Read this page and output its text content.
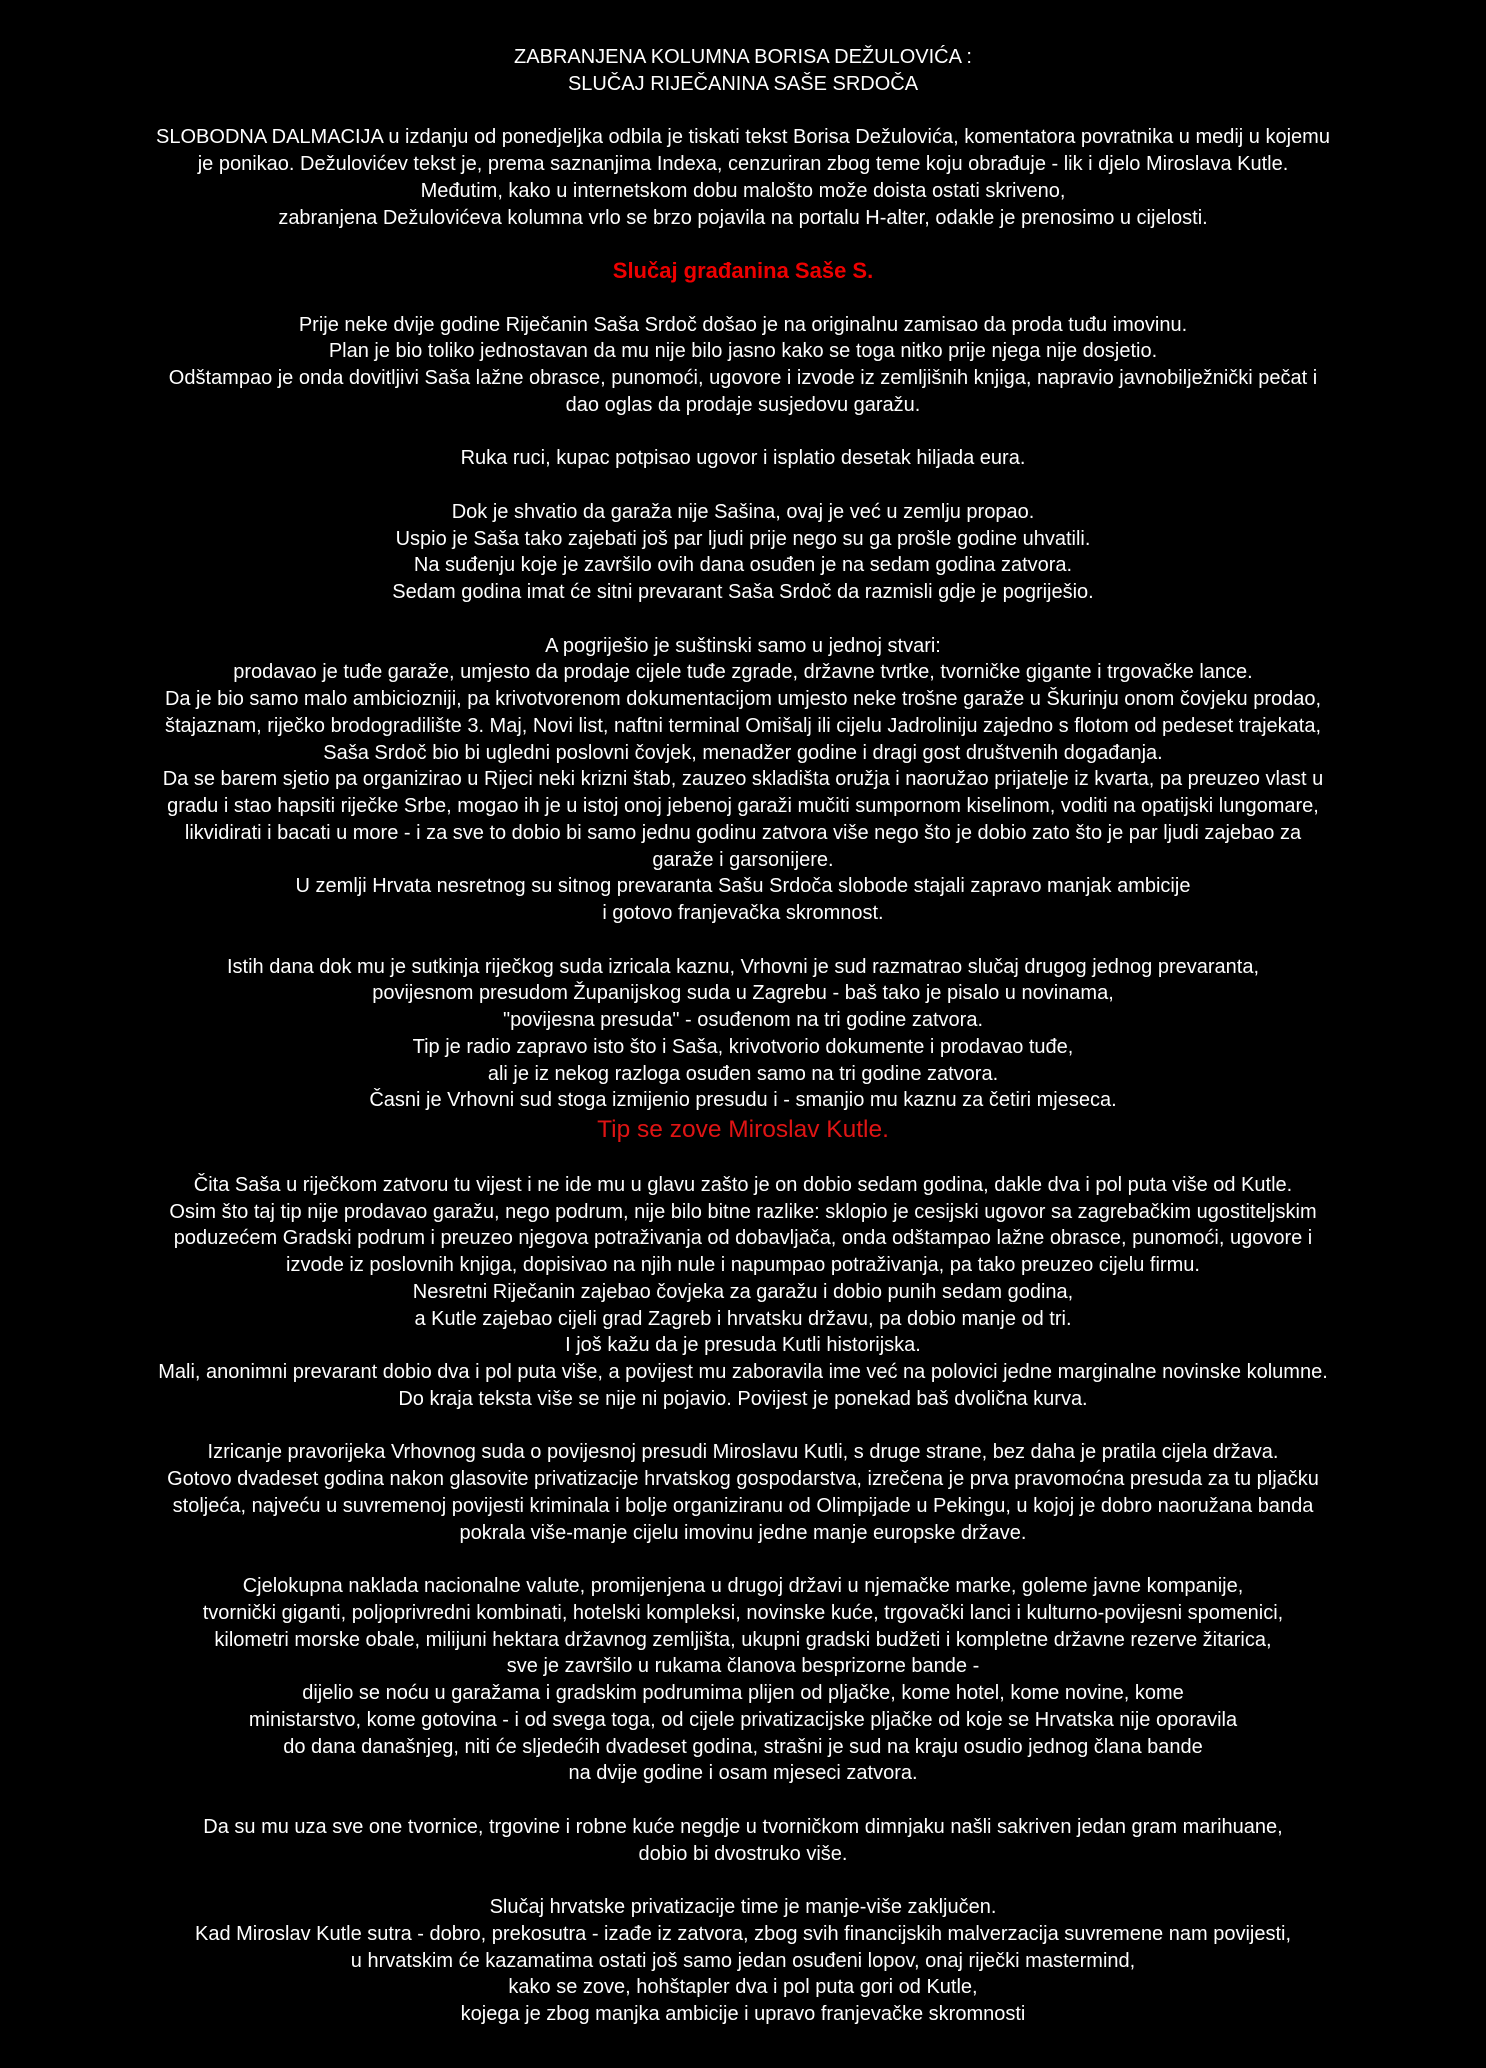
ZABRANJENA KOLUMNA BORISA DEŽULOVIĆA :
SLUČAJ RIJEČANINA SAŠE SRDOČA
SLOBODNA DALMACIJA u izdanju od ponedjeljka odbila je tiskati tekst Borisa Dežulovića, komentatora povratnika u medij u kojemu
je ponikao. Dežulovićev tekst je, prema saznanjima Indexa, cenzuriran zbog teme koju obrađuje - lik i djelo Miroslava Kutle.
Međutim, kako u internetskom dobu malošto može doista ostati skriveno,
zabranjena Dežulovićeva kolumna vrlo se brzo pojavila na portalu H-alter, odakle je prenosimo u cijelosti.
Slučaj građanina Saše S.
Prije neke dvije godine Riječanin Saša Srdoč došao je na originalnu zamisao da proda tuđu imovinu.
Plan je bio toliko jednostavan da mu nije bilo jasno kako se toga nitko prije njega nije dosjetio.
Odštampao je onda dovitljivi Saša lažne obrasce, punomoći, ugovore i izvode iz zemljišnih knjiga, napravio javnobilježnički pečat i
dao oglas da prodaje susjedovu garažu.
Ruka ruci, kupac potpisao ugovor i isplatio desetak hiljada eura.
Dok je shvatio da garaža nije Sašina, ovaj je već u zemlju propao.
Uspio je Saša tako zajebati još par ljudi prije nego su ga prošle godine uhvatili.
Na suđenju koje je završilo ovih dana osuđen je na sedam godina zatvora.
Sedam godina imat će sitni prevarant Saša Srdoč da razmisli gdje je pogriješio.
A pogriješio je suštinski samo u jednoj stvari:
prodavao je tuđe garaže, umjesto da prodaje cijele tuđe zgrade, državne tvrtke, tvorničke gigante i trgovačke lance.
Da je bio samo malo ambiciozniji, pa krivotvorenom dokumentacijom umjesto neke trošne garaže u Škurinju onom čovjeku prodao,
štajaznam, riječko brodogradilište 3. Maj, Novi list, naftni terminal Omišalj ili cijelu Jadroliniju zajedno s flotom od pedeset trajekata,
Saša Srdoč bio bi ugledni poslovni čovjek, menadžer godine i dragi gost društvenih događanja.
Da se barem sjetio pa organizirao u Rijeci neki krizni štab, zauzeo skladišta oružja i naoružao prijatelje iz kvarta, pa preuzeo vlast u
gradu i stao hapsiti riječke Srbe, mogao ih je u istoj onoj jebenoj garaži mučiti sumpornom kiselinom, voditi na opatijski lungomare,
likvidirati i bacati u more - i za sve to dobio bi samo jednu godinu zatvora više nego što je dobio zato što je par ljudi zajebao za
garaže i garsonijere.
U zemlji Hrvata nesretnog su sitnog prevaranta Sašu Srdoča slobode stajali zapravo manjak ambicije
i gotovo franjevačka skromnost.
Istih dana dok mu je sutkinja riječkog suda izricala kaznu, Vrhovni je sud razmatrao slučaj drugog jednog prevaranta,
povijesnom presudom Županijskog suda u Zagrebu - baš tako je pisalo u novinama,
"povijesna presuda" - osuđenom na tri godine zatvora.
Tip je radio zapravo isto što i Saša, krivotvorio dokumente i prodavao tuđe,
ali je iz nekog razloga osuđen samo na tri godine zatvora.
Časni je Vrhovni sud stoga izmijenio presudu i - smanjio mu kaznu za četiri mjeseca.
Tip se zove Miroslav Kutle.
Čita Saša u riječkom zatvoru tu vijest i ne ide mu u glavu zašto je on dobio sedam godina, dakle dva i pol puta više od Kutle.
Osim što taj tip nije prodavao garažu, nego podrum, nije bilo bitne razlike: sklopio je cesijski ugovor sa zagrebačkim ugostiteljskim
poduzećem Gradski podrum i preuzeo njegova potraživanja od dobavljača, onda odštampao lažne obrasce, punomoći, ugovore i
izvode iz poslovnih knjiga, dopisivao na njih nule i napumpao potraživanja, pa tako preuzeo cijelu firmu.
Nesretni Riječanin zajebao čovjeka za garažu i dobio punih sedam godina,
a Kutle zajebao cijeli grad Zagreb i hrvatsku državu, pa dobio manje od tri.
I još kažu da je presuda Kutli historijska.
Mali, anonimni prevarant dobio dva i pol puta više, a povijest mu zaboravila ime već na polovici jedne marginalne novinske kolumne.
Do kraja teksta više se nije ni pojavio. Povijest je ponekad baš dvolična kurva.
Izricanje pravorijeka Vrhovnog suda o povijesnoj presudi Miroslavu Kutli, s druge strane, bez daha je pratila cijela država.
Gotovo dvadeset godina nakon glasovite privatizacije hrvatskog gospodarstva, izrečena je prva pravomoćna presuda za tu pljačku
stoljeća, najveću u suvremenoj povijesti kriminala i bolje organiziranu od Olimpijade u Pekingu, u kojoj je dobro naoružana banda
pokrala više-manje cijelu imovinu jedne manje europske države.
Cjelokupna naklada nacionalne valute, promijenjena u drugoj državi u njemačke marke, goleme javne kompanije,
tvornički giganti, poljoprivredni kombinati, hotelski kompleksi, novinske kuće, trgovački lanci i kulturno-povijesni spomenici,
kilometri morske obale, milijuni hektara državnog zemljišta, ukupni gradski budžeti i kompletne državne rezerve žitarica,
sve je završilo u rukama članova besprizorne bande -
dijelio se noću u garažama i gradskim podrumima plijen od pljačke, kome hotel, kome novine, kome
ministarstvo, kome gotovina - i od svega toga, od cijele privatizacijske pljačke od koje se Hrvatska nije oporavila
do dana današnjeg, niti će sljedećih dvadeset godina, strašni je sud na kraju osudio jednog člana bande
na dvije godine i osam mjeseci zatvora.
Da su mu uza sve one tvornice, trgovine i robne kuće negdje u tvorničkom dimnjaku našli sakriven jedan gram marihuane,
dobio bi dvostruko više.
Slučaj hrvatske privatizacije time je manje-više zaključen.
Kad Miroslav Kutle sutra - dobro, prekosutra - izađe iz zatvora, zbog svih financijskih malverzacija suvremene nam povijesti,
u hrvatskim će kazamatima ostati još samo jedan osuđeni lopov, onaj riječki mastermind,
kako se zove, hohštapler dva i pol puta gori od Kutle,
kojega je zbog manjka ambicije i upravo franjevačke skromnosti
